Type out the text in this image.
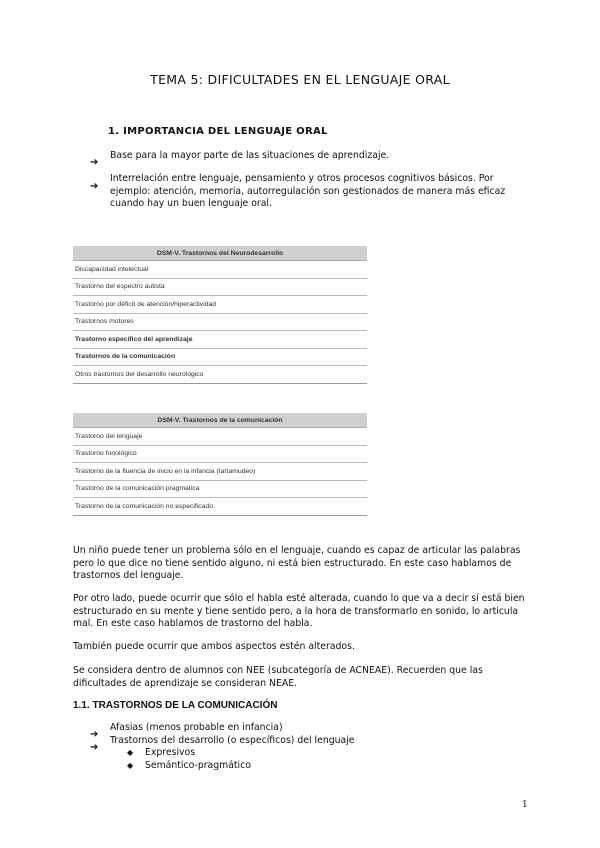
TEMA 5: DIFICULTADES EN EL LENGUAJE ORAL
1. IMPORTANCIA DEL LENGUAJE ORAL
➔
Base para la mayor parte de las situaciones de aprendizaje.
➔
Interrelación entre lenguaje, pensamiento y otros procesos cognitivos básicos. Por
ejemplo: atención, memoria, autorregulación son gestionados de manera más eficaz
cuando hay un buen lenguaje oral.
DSM-V. Trastornos del Neurodesarrollo
Discapacidad intelectual
Trastorno del espectro autista
Trastorno por déficit de atención/hiperactividad
Trastornos motores
Trastorno específico del aprendizaje
Trastornos de la comunicación
Otros trastornos del desarrollo neurológico
DSM-V. Trastornos de la comunicación
Trastorno del lenguaje
Trastorno fonológico
Trastorno de la fluencia de inicio en la infancia (tartamudeo)
Trastorno de la comunicación pragmática
Trastorno de la comunicación no especificado.
Un niño puede tener un problema sólo en el lenguaje, cuando es capaz de articular las palabras
pero lo que dice no tiene sentido alguno, ni está bien estructurado. En este caso hablamos de
trastornos del lenguaje.
Por otro lado, puede ocurrir que sólo el habla esté alterada, cuando lo que va a decir sí está bien
estructurado en su mente y tiene sentido pero, a la hora de transformarlo en sonido, lo articula
mal. En este caso hablamos de trastorno del habla.
También puede ocurrir que ambos aspectos estén alterados.
Se considera dentro de alumnos con NEE (subcategoría de ACNEAE). Recuerden que las
dificultades de aprendizaje se consideran NEAE.
1.1. TRASTORNOS DE LA COMUNICACIÓN
➔
Afasias (menos probable en infancia)
➔
Trastornos del desarrollo (o específicos) del lenguaje
◆ Expresivos
◆ Semántico-pragmático
1
